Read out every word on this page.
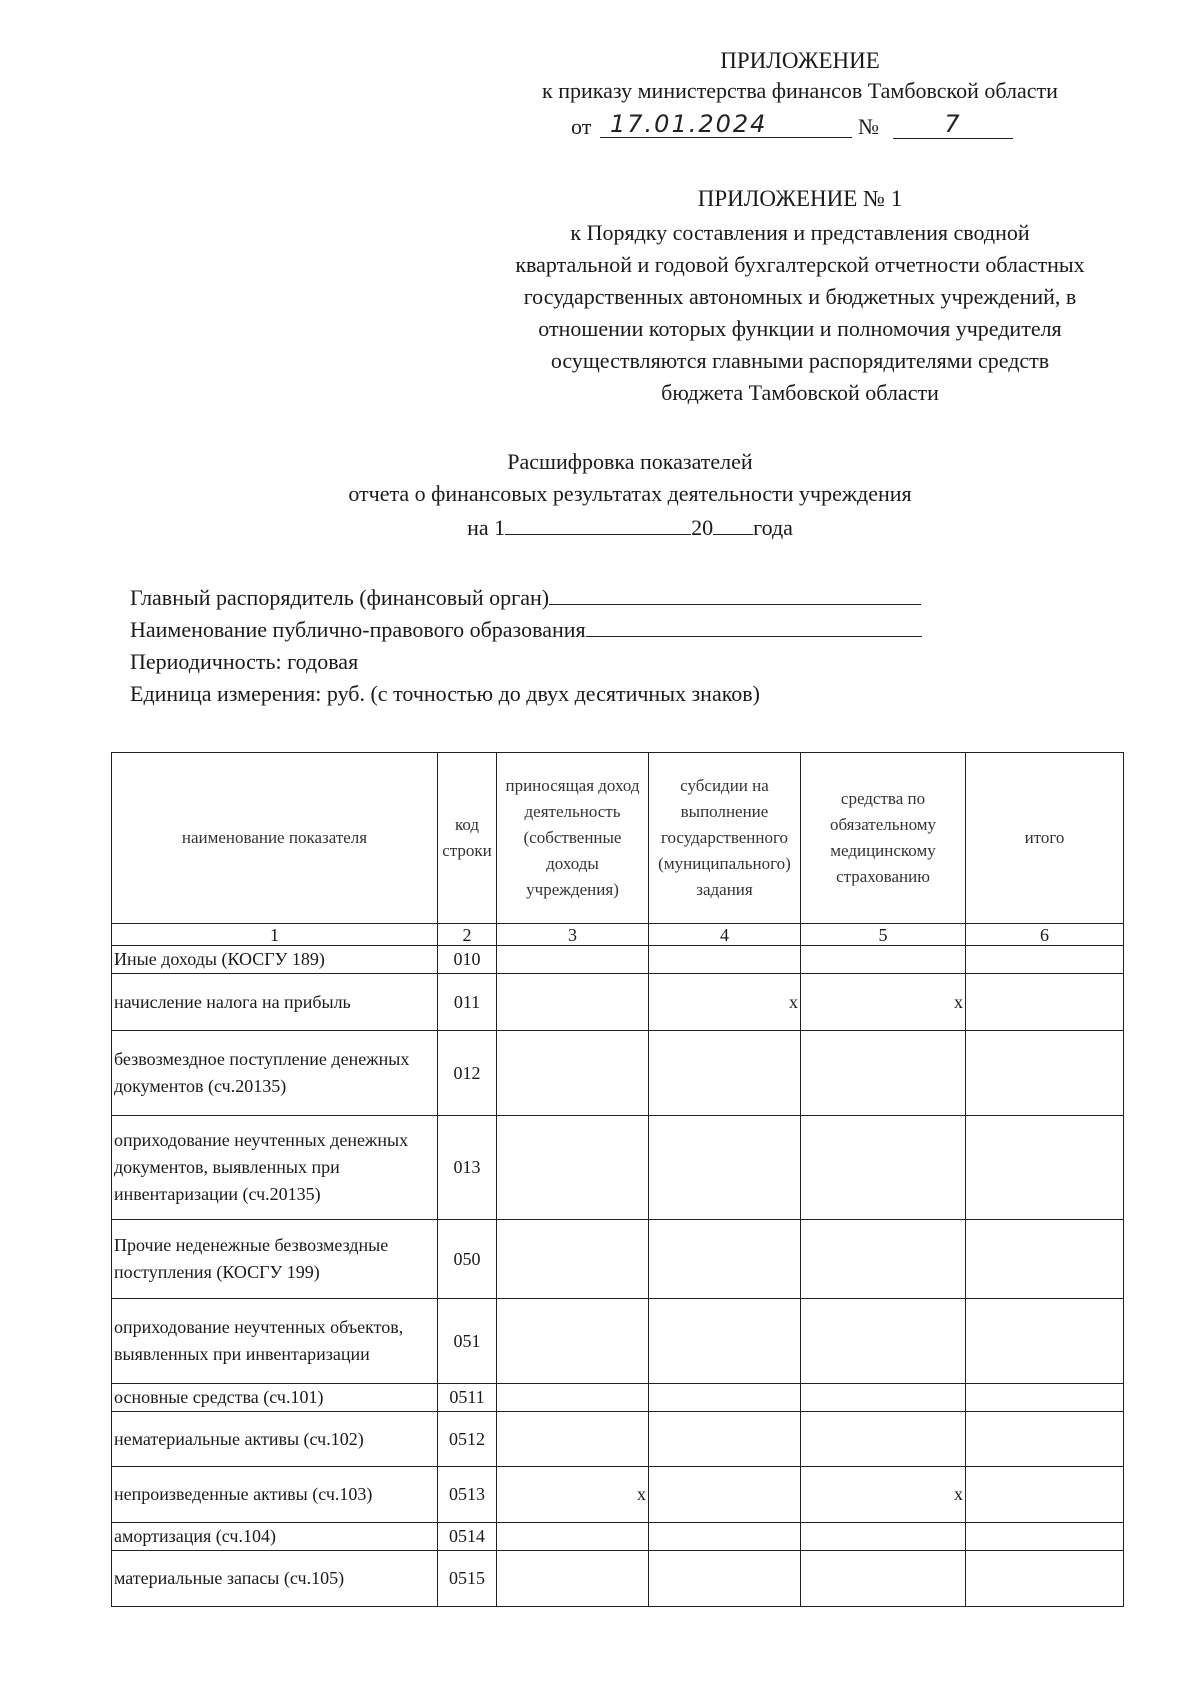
ПРИЛОЖЕНИЕ
к приказу министерства финансов Тамбовской области
от 17.01.2024	№	7
ПРИЛОЖЕНИЕ № 1
к Порядку составления и представления сводной
квартальной и годовой бухгалтерской отчетности областных
государственных автономных и бюджетных учреждений, в
отношении которых функции и полномочия учредителя
осуществляются главными распорядителями средств
бюджета Тамбовской области
Расшифровка показателей
отчета о финансовых результатах деятельности учреждения
на 1	20 года
Главный распорядитель (финансовый орган)
Наименование публично-правового образования
Периодичность: годовая
Единица измерения: руб. (с точностью до двух десятичных знаков)
наименование показателя	код строки	приносящая доход деятельность (собственные доходы учреждения)	субсидии на выполнение государственного (муниципального) задания	средства по обязательному медицинскому страхованию	итого
1	2	3	4	5	6
Иные доходы (КОСГУ 189)	010				
начисление налога на прибыль	011		x	x	
безвозмездное поступление денежных документов (сч.20135)	012				
оприходование неучтенных денежных документов, выявленных при инвентаризации (сч.20135)	013				
Прочие неденежные безвозмездные поступления (КОСГУ 199)	050				
оприходование неучтенных объектов, выявленных при инвентаризации	051				
основные средства (сч.101)	0511				
нематериальные активы (сч.102)	0512				
непроизведенные активы (сч.103)	0513	x		x	
амортизация (сч.104)	0514				
материальные запасы (сч.105)	0515				
